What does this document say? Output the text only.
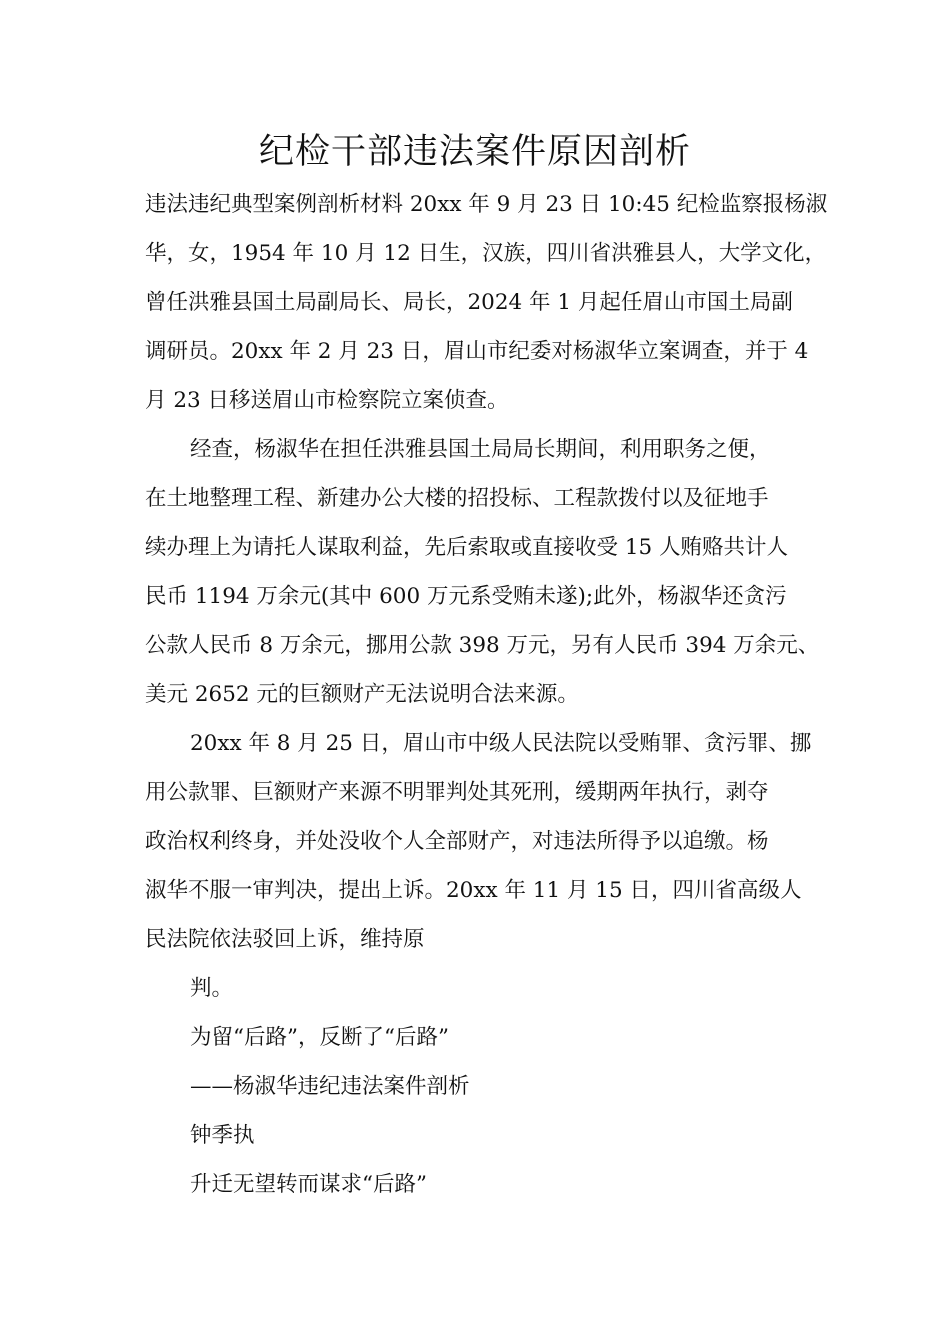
纪检干部违法案件原因剖析

违法违纪典型案例剖析材料 20xx 年 9 月 23 日 10:45 纪检监察报杨淑
华，女，1954 年 10 月 12 日生，汉族，四川省洪雅县人，大学文化，
曾任洪雅县国土局副局长、局长，2024 年 1 月起任眉山市国土局副
调研员。20xx 年 2 月 23 日，眉山市纪委对杨淑华立案调查，并于 4
月 23 日移送眉山市检察院立案侦查。

经查，杨淑华在担任洪雅县国土局局长期间，利用职务之便，
在土地整理工程、新建办公大楼的招投标、工程款拨付以及征地手
续办理上为请托人谋取利益，先后索取或直接收受 15 人贿赂共计人
民币 1194 万余元(其中 600 万元系受贿未遂);此外，杨淑华还贪污
公款人民币 8 万余元，挪用公款 398 万元，另有人民币 394 万余元、
美元 2652 元的巨额财产无法说明合法来源。

20xx 年 8 月 25 日，眉山市中级人民法院以受贿罪、贪污罪、挪
用公款罪、巨额财产来源不明罪判处其死刑，缓期两年执行，剥夺
政治权利终身，并处没收个人全部财产，对违法所得予以追缴。杨
淑华不服一审判决，提出上诉。20xx 年 11 月 15 日，四川省高级人
民法院依法驳回上诉，维持原

判。

为留“后路”，反断了“后路”

——杨淑华违纪违法案件剖析

钟季执

升迁无望转而谋求“后路”
